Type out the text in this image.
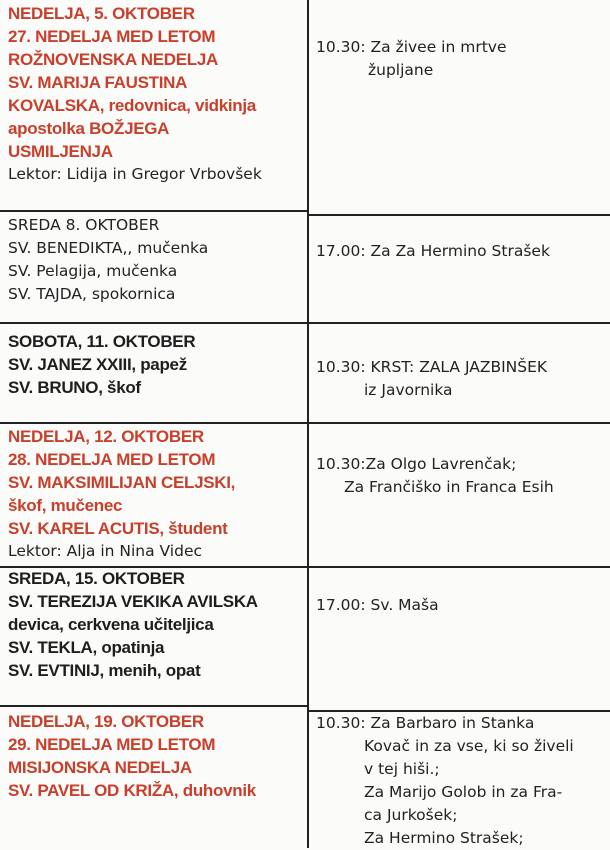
NEDELJA, 5. OKTOBER
27. NEDELJA MED LETOM
ROŽNOVENSKA NEDELJA
SV. MARIJA FAUSTINA
KOVALSKA, redovnica, vidkinja
apostolka BOŽJEGA
USMILJENJA
Lektor: Lidija in Gregor Vrbovšek
10.30: Za živee in mrtve
župljane
SREDA 8. OKTOBER
SV. BENEDIKTA,, mučenka
SV. Pelagija, mučenka
SV. TAJDA, spokornica
17.00: Za Za Hermino Strašek
SOBOTA, 11. OKTOBER
SV. JANEZ XXIII, papež
SV. BRUNO, škof
10.30: KRST: ZALA JAZBINŠEK
iz Javornika
NEDELJA, 12. OKTOBER
28. NEDELJA MED LETOM
SV. MAKSIMILIJAN CELJSKI,
škof, mučenec
SV. KAREL ACUTIS, študent
Lektor: Alja in Nina Videc
10.30:Za Olgo Lavrenčak;
Za Frančiško in Franca Esih
SREDA, 15. OKTOBER
SV. TEREZIJA VEKIKA AVILSKA
devica, cerkvena učiteljica
SV. TEKLA, opatinja
SV. EVTINIJ, menih, opat
17.00: Sv. Maša
NEDELJA, 19. OKTOBER
29. NEDELJA MED LETOM
MISIJONSKA NEDELJA
SV. PAVEL OD KRIŽA, duhovnik
10.30: Za Barbaro in Stanka
Kovač in za vse, ki so živeli
v tej hiši.;
Za Marijo Golob in za Fra-
ca Jurkošek;
Za Hermino Strašek;
